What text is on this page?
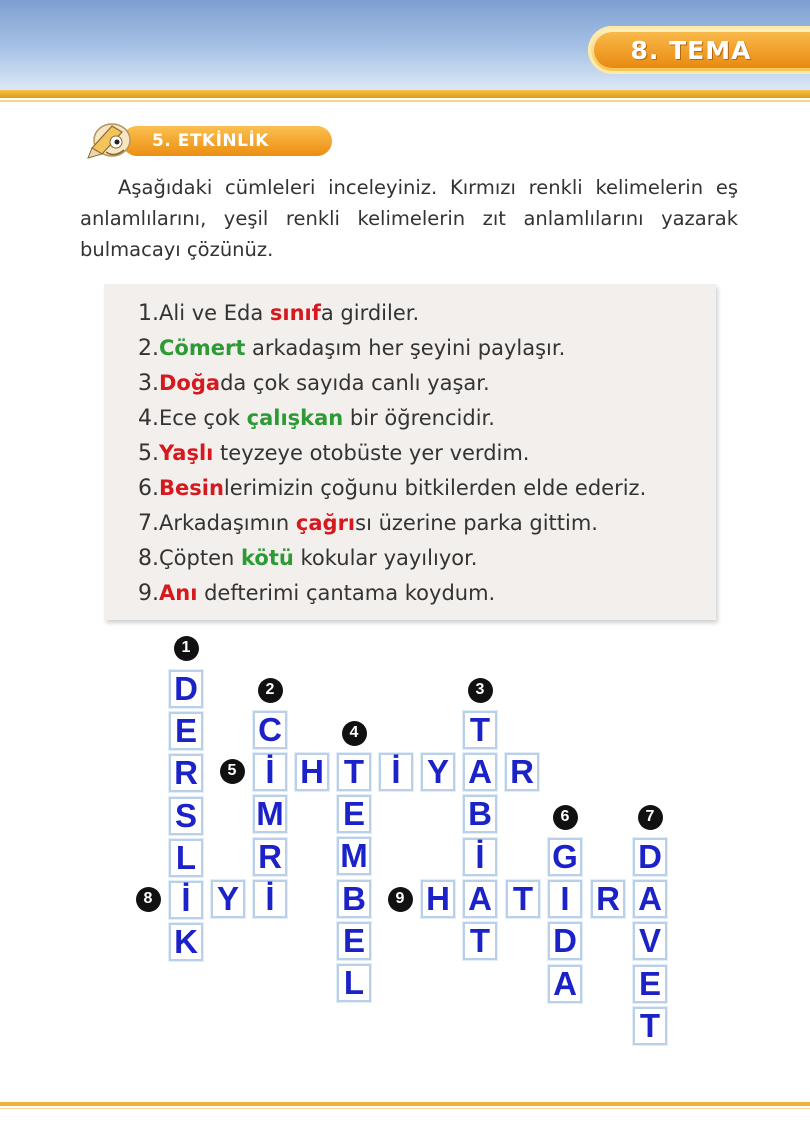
8. TEMA
5. ETKİNLİK

Aşağıdaki cümleleri inceleyiniz. Kırmızı renkli kelimelerin eş anlamlılarını, yeşil renkli kelimelerin zıt anlamlılarını yazarak bulmacayı çözünüz.

1.Ali ve Eda sınıfa girdiler.
2.Cömert arkadaşım her şeyini paylaşır.
3.Doğada çok sayıda canlı yaşar.
4.Ece çok çalışkan bir öğrencidir.
5.Yaşlı teyzeye otobüste yer verdim.
6.Besinlerimizin çoğunu bitkilerden elde ederiz.
7.Arkadaşımın çağrısı üzerine parka gittim.
8.Çöpten kötü kokular yayılıyor.
9.Anı defterimi çantama koydum.
D
E
R
S
L
İ
K
C
İ
M
R
İ
T
A
B
İ
A
T
T
E
M
B
E
L
H	İ Y R
G
I
D
A
D
A
V
E
T
Y	H T R
1
2	3
4
5
6	7
8	9
